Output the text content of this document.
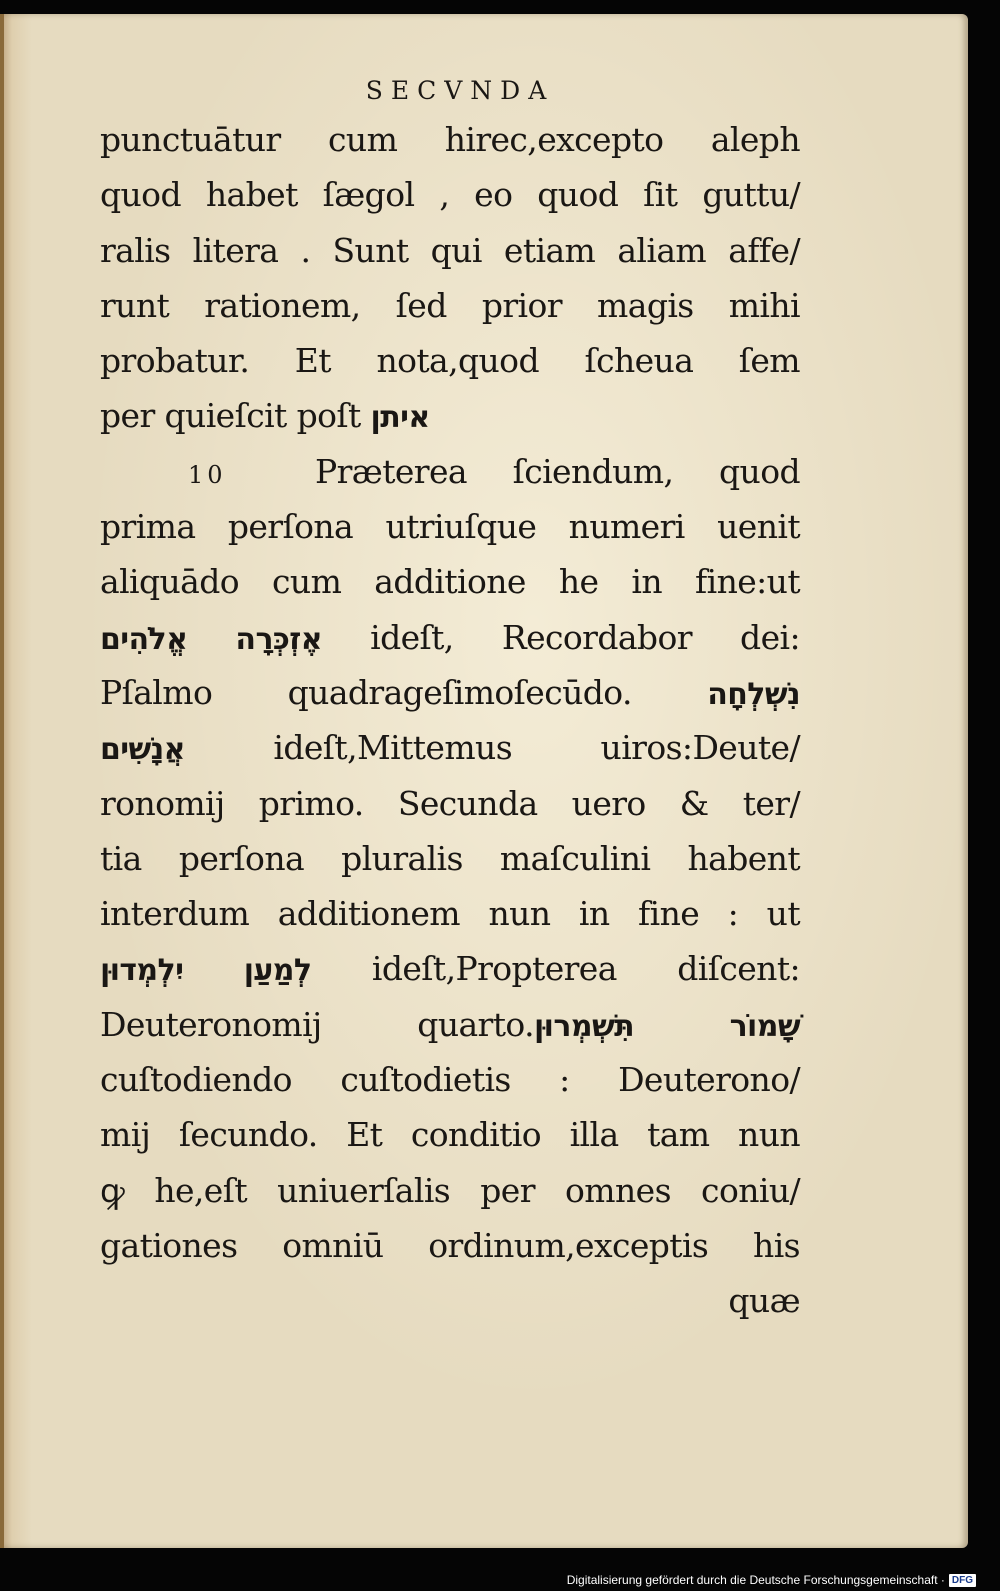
SECVNDA
punctuātur cum hirec,excepto aleph
quod habet ſægol , eo quod ſit guttu/
ralis litera . Sunt qui etiam aliam affe/
runt rationem, ſed prior magis mihi
probatur. Et nota,quod ſcheua ſem
per quieſcit poſt איתן
10	Præterea ſciendum, quod
prima perſona utriuſque numeri uenit
aliquādo cum additione he in fine:ut
אֶזְכְּרָה אֱלֹהִים ideſt, Recordabor dei:
Pſalmo quadrageſimoſecūdo. נִשְׁלְחָה
אֲנָשִׁים ideſt,Mittemus uiros:Deute/
ronomij primo. Secunda uero & ter/
tia perſona pluralis maſculini habent
interdum additionem nun in fine : ut
לְמַעַן יִלְמְדוּן ideſt,Propterea diſcent:
Deuteronomij quarto.שָׁמוֹר תִּשְׁמְרוּן
cuſtodiendo cuſtodietis : Deuterono/
mij ſecundo. Et conditio illa tam nun
ꝙ he,eſt uniuerſalis per omnes coniu/
gationes omniū ordinum,exceptis his
quæ
Digitalisierung gefördert durch die Deutsche Forschungsgemeinschaft · DFG
